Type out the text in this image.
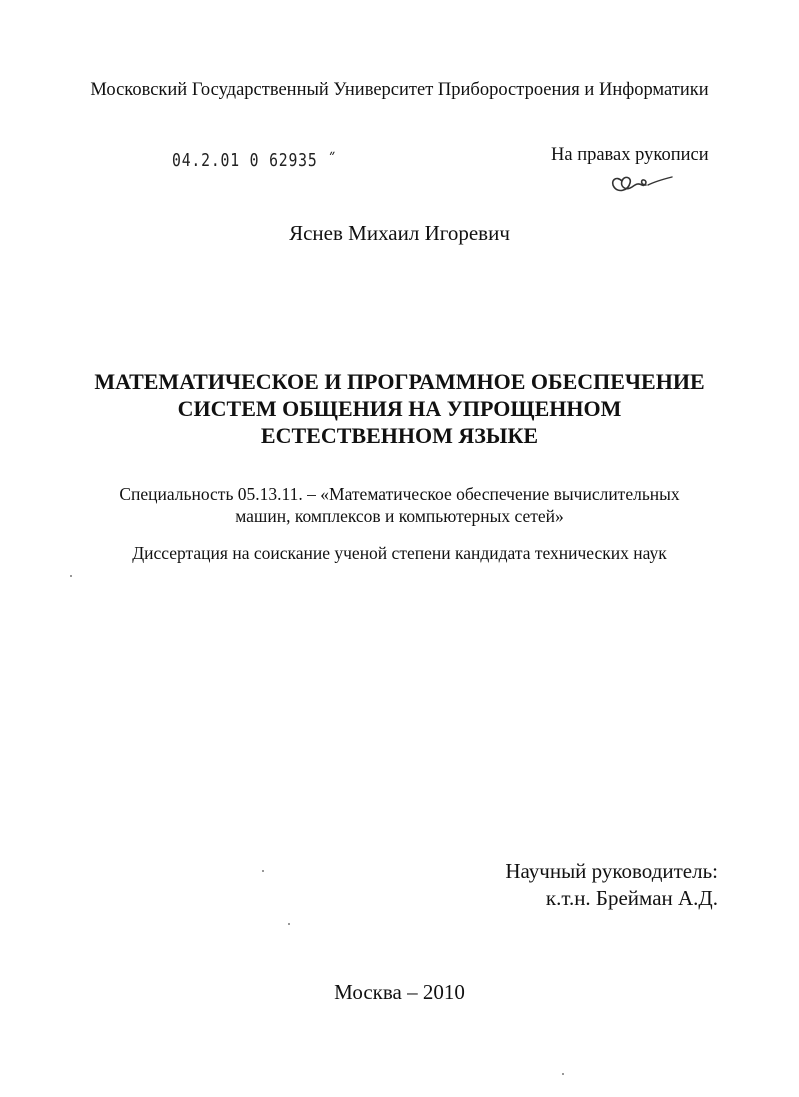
Московский Государственный Университет Приборостроения и Информатики
04.2.01 0 62935 ˝	На правах рукописи
Яснев Михаил Игоревич
МАТЕМАТИЧЕСКОЕ И ПРОГРАММНОЕ ОБЕСПЕЧЕНИЕ
СИСТЕМ ОБЩЕНИЯ НА УПРОЩЕННОМ
ЕСТЕСТВЕННОМ ЯЗЫКЕ
Специальность 05.13.11. – «Математическое обеспечение вычислительных
машин, комплексов и компьютерных сетей»
Диссертация на соискание ученой степени кандидата технических наук
Научный руководитель:
к.т.н. Брейман А.Д.
Москва – 2010
